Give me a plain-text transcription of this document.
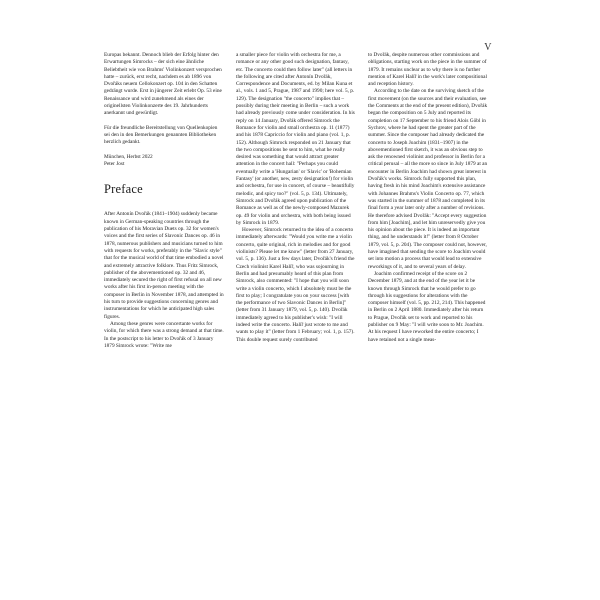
V

Europas bekannt. Dennoch blieb der Erfolg hinter den Erwartungen Simrocks – der sich eine ähnliche Beliebtheit wie von Brahms' Violinkonzert versprochen hatte – zurück, erst recht, nachdem es ab 1896 von Dvořáks neuem Cellokonzert op. 104 in den Schatten gedrängt wurde. Erst in jüngerer Zeit erlebt Op. 53 eine Renaissance und wird zunehmend als eines der originellsten Violinkonzerte des 19. Jahrhunderts anerkannt und gewürdigt.

Für die freundliche Bereitstellung von Quellenkopien sei den in den Bemerkungen genannten Bibliotheken herzlich gedankt.

München, Herbst 2022

Peter Jost

Preface

After Antonín Dvořák (1841–1904) suddenly became known in German-speaking countries through the publication of his Moravian Duets op. 32 for women's voices and the first series of Slavonic Dances op. 46 in 1878, numerous publishers and musicians turned to him with requests for works, preferably in the "Slavic style" that for the musical world of that time embodied a novel and extremely attractive folklore. Thus Fritz Simrock, publisher of the abovementioned op. 32 and 46, immediately secured the right of first refusal on all new works after his first in-person meeting with the composer in Berlin in November 1878, and attempted in his turn to provide suggestions concerning genres and instrumentations for which he anticipated high sales figures.

Among these genres were concertante works for violin, for which there was a strong demand at that time. In the postscript to his letter to Dvořák of 3 January 1879 Simrock wrote: "Write me

a smaller piece for violin with orchestra for me, a romance or any other good such designation, fantasy, etc. The concerto could then follow later" (all letters in the following are cited after Antonín Dvořák, Correspondence and Documents, ed. by Milan Kuna et al., vols. 1 and 5, Prague, 1987 and 1990; here vol. 5, p. 129). The designation "the concerto" implies that – possibly during their meeting in Berlin – such a work had already previously come under consideration. In his reply on 14 January, Dvořák offered Simrock the Romance for violin and small orchestra op. 11 (1877) and his 1878 Capriccio for violin and piano (vol. 1, p. 152). Although Simrock responded on 21 January that the two compositions be sent to him, what he really desired was something that would attract greater attention in the concert hall: "Perhaps you could eventually write a 'Hungarian' or 'Slavic' or 'Bohemian Fantasy' (or another, new, zesty designation!) for violin and orchestra, for use in concert, of course – beautifully melodic, and spicy too?" (vol. 5, p. 134). Ultimately, Simrock and Dvořák agreed upon publication of the Romance as well as of the newly-composed Mazurek op. 49 for violin and orchestra, with both being issued by Simrock in 1879.

However, Simrock returned to the idea of a concerto immediately afterwards: "Would you write me a violin concerto, quite original, rich in melodies and for good violinists? Please let me know" (letter from 27 January, vol. 5, p. 136). Just a few days later, Dvořák's friend the Czech violinist Karel Halíř, who was sojourning in Berlin and had presumably heard of this plan from Simrock, also commented: "I hope that you will soon write a violin concerto, which I absolutely must be the first to play; I congratulate you on your success [with the performance of two Slavonic Dances in Berlin]" (letter from 31 January 1879, vol. 5, p. 140). Dvořák immediately agreed to his publisher's wish: "I will indeed write the concerto. Halíř just wrote to me and wants to play it" (letter from 1 February; vol. 1, p. 157). This double request surely contributed

to Dvořák, despite numerous other commissions and obligations, starting work on the piece in the summer of 1879. It remains unclear as to why there is no further mention of Karel Halíř in the work's later compositional and reception history.

According to the date on the surviving sketch of the first movement (on the sources and their evaluation, see the Comments at the end of the present edition), Dvořák began the composition on 5 July and reported its completion on 17 September to his friend Alois Göbl in Sychrov, where he had spent the greater part of the summer. Since the composer had already dedicated the concerto to Joseph Joachim (1831–1907) in the abovementioned first sketch, it was an obvious step to ask the renowned violinist and professor in Berlin for a critical perusal – all the more so since in July 1879 at an encounter in Berlin Joachim had shown great interest in Dvořák's works. Simrock fully supported this plan, having fresh in his mind Joachim's extensive assistance with Johannes Brahms's Violin Concerto op. 77, which was started in the summer of 1878 and completed in its final form a year later only after a number of revisions. He therefore advised Dvořák: "Accept every suggestion from him [Joachim], and let him unreservedly give you his opinion about the piece. It is indeed an important thing, and he understands it!" (letter from 8 October 1879, vol. 5, p. 204). The composer could not, however, have imagined that sending the score to Joachim would set into motion a process that would lead to extensive reworkings of it, and to several years of delay.

Joachim confirmed receipt of the score on 2 December 1879, and at the end of the year let it be known through Simrock that he would prefer to go through his suggestions for alterations with the composer himself (vol. 5, pp. 212, 214). This happened in Berlin on 2 April 1880. Immediately after his return to Prague, Dvořák set to work and reported to his publisher on 9 May: "I will write soon to Mr. Joachim. At his request I have reworked the entire concerto; I have retained not a single meas-
